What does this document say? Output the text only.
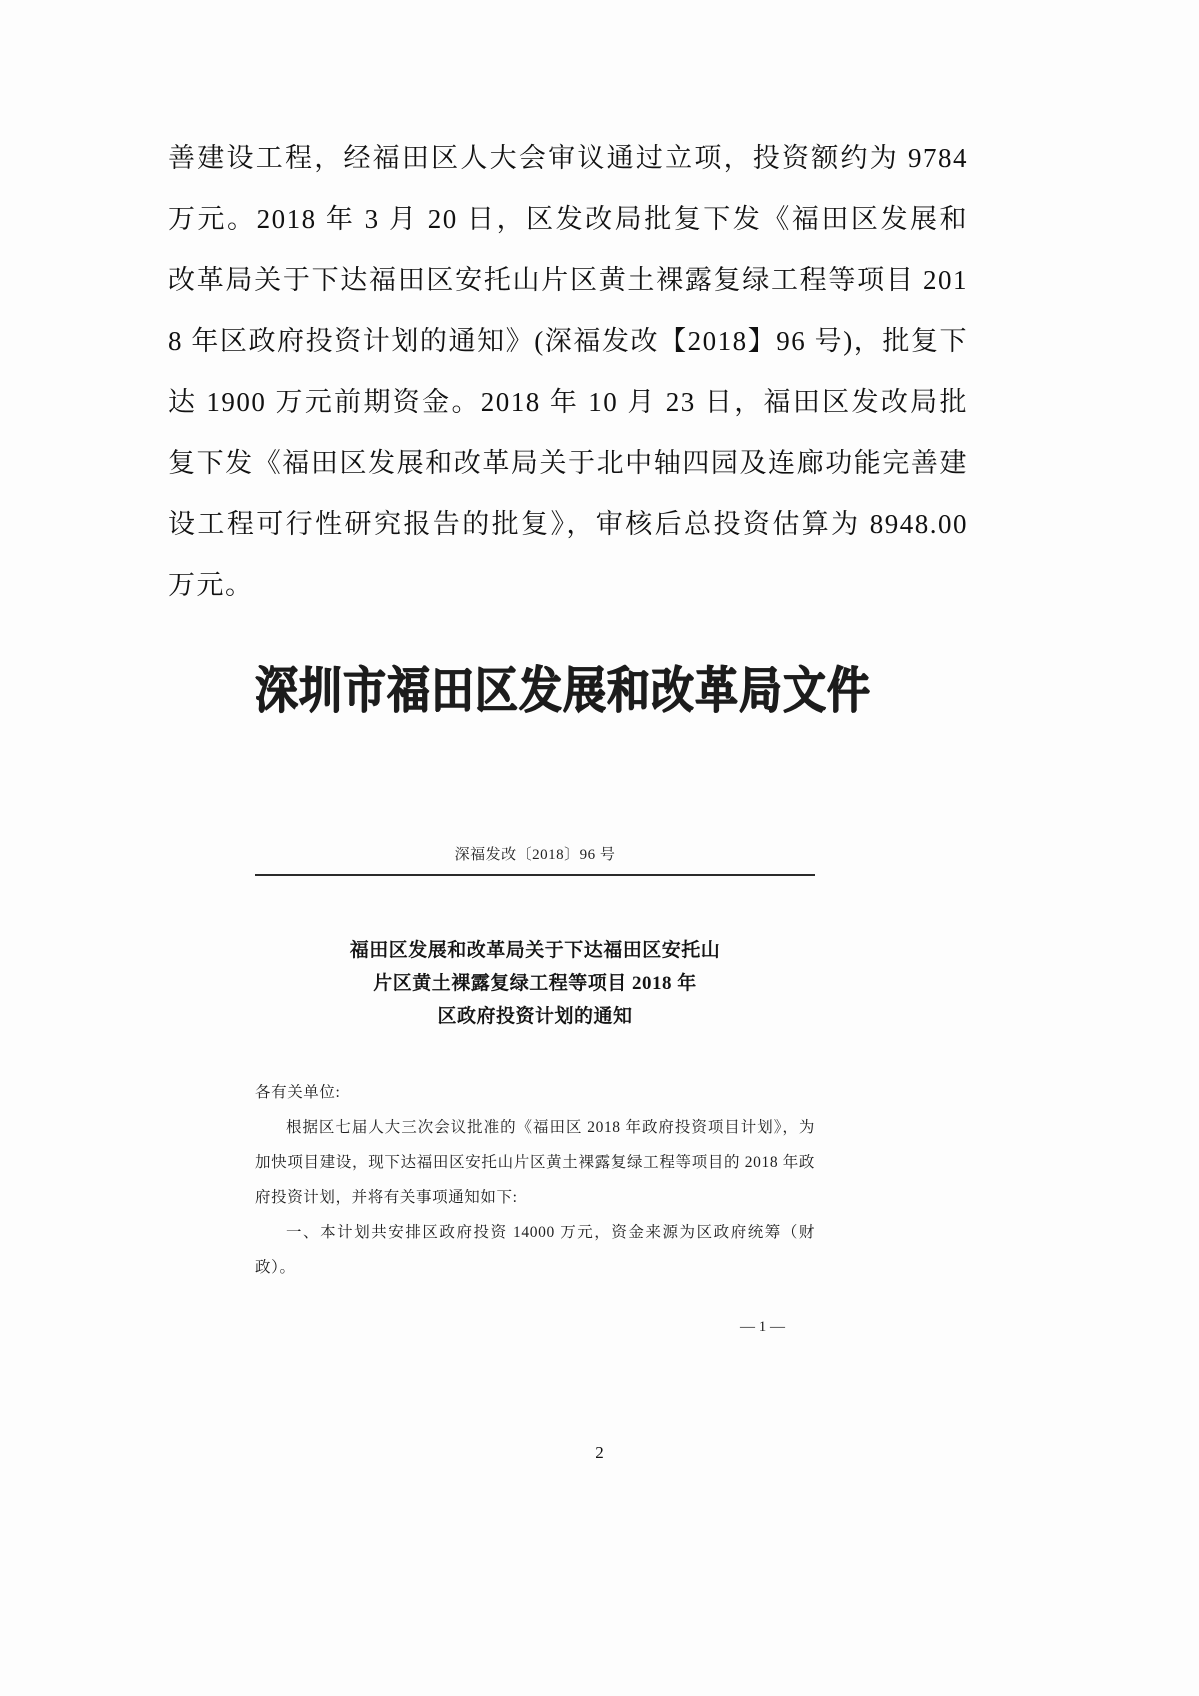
善建设工程，经福田区人大会审议通过立项，投资额约为 9784 万元。2018 年 3 月 20 日，区发改局批复下发《福田区发展和改革局关于下达福田区安托山片区黄土裸露复绿工程等项目 2018 年区政府投资计划的通知》(深福发改【2018】96 号)，批复下达 1900 万元前期资金。2018 年 10 月 23 日，福田区发改局批复下发《福田区发展和改革局关于北中轴四园及连廊功能完善建设工程可行性研究报告的批复》，审核后总投资估算为 8948.00 万元。

深圳市福田区发展和改革局文件
深福发改〔2018〕96 号
福田区发展和改革局关于下达福田区安托山
片区黄土裸露复绿工程等项目 2018 年
区政府投资计划的通知

各有关单位:

根据区七届人大三次会议批准的《福田区 2018 年政府投资项目计划》，为加快项目建设，现下达福田区安托山片区黄土裸露复绿工程等项目的 2018 年政府投资计划，并将有关事项通知如下:

一、本计划共安排区政府投资 14000 万元，资金来源为区政府统筹（财政）。

— 1 —
2
